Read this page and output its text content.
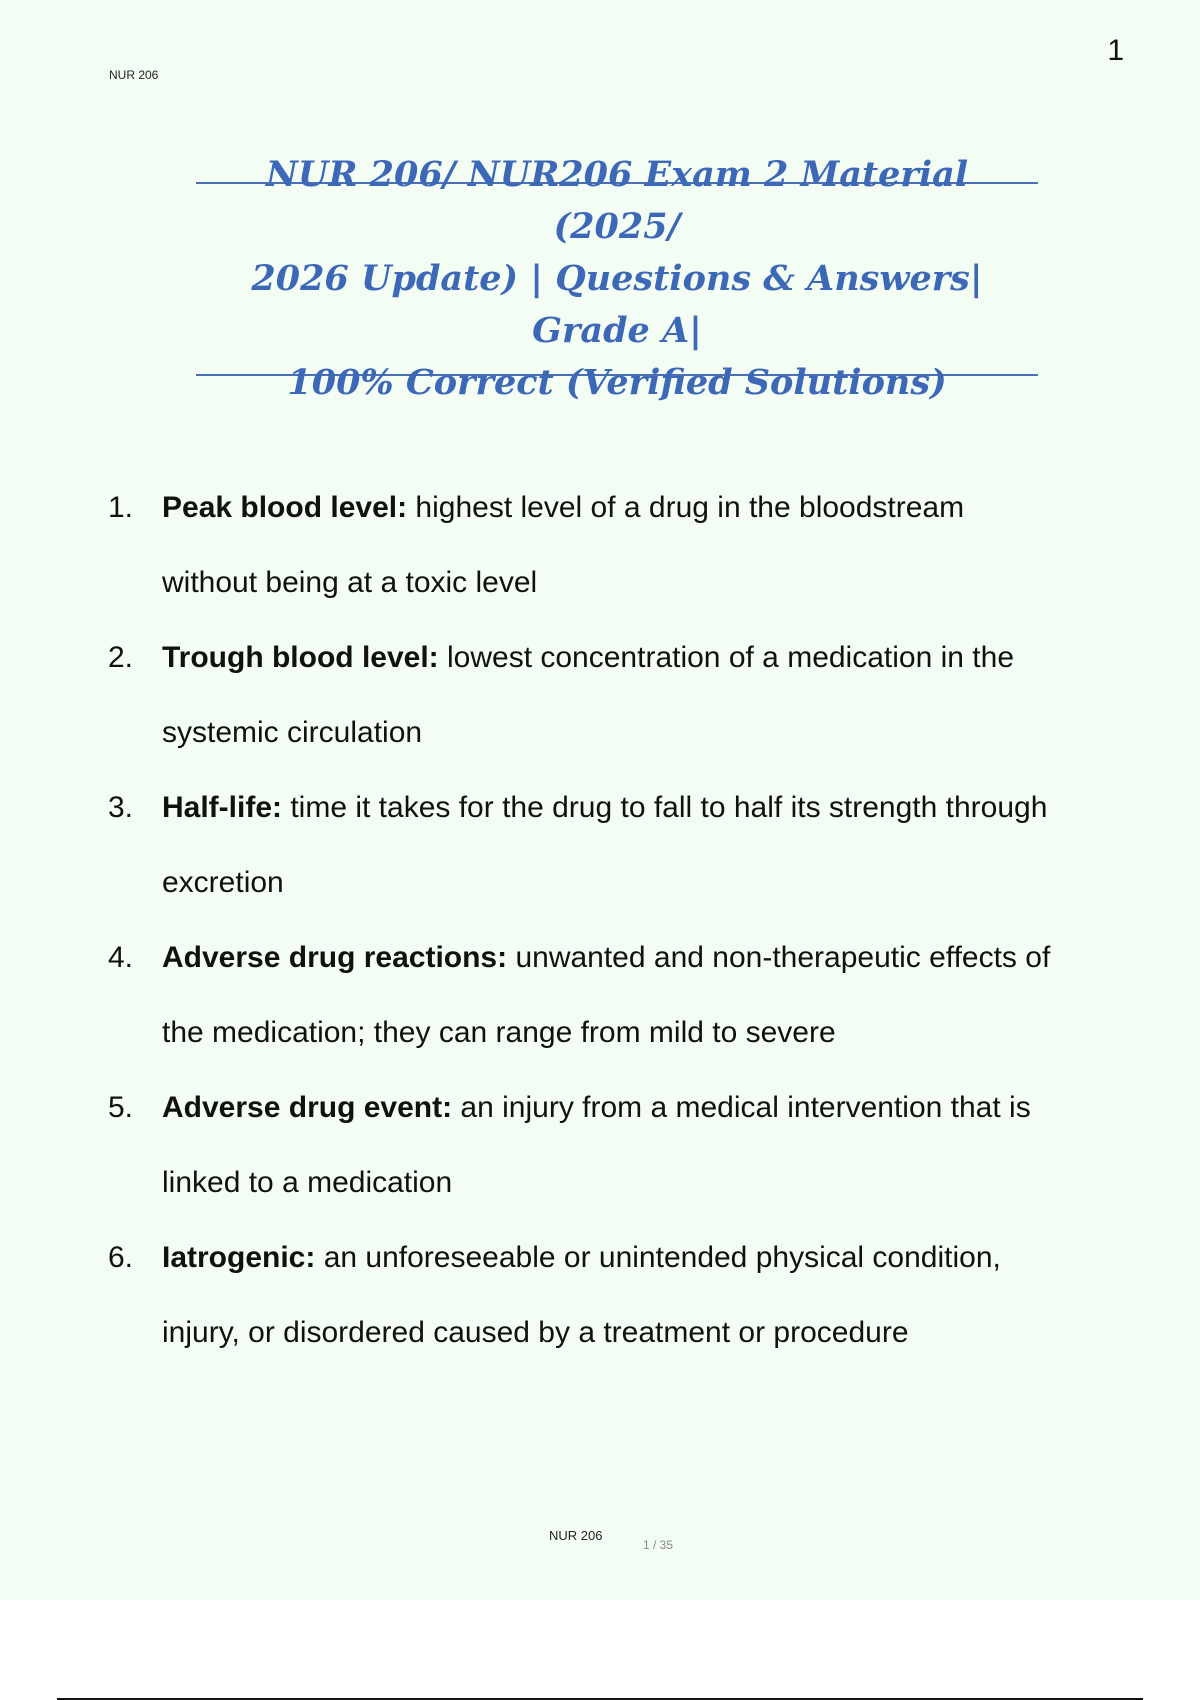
NUR 206
1

NUR 206/ NUR206 Exam 2 Material (2025/
2026 Update) | Questions & Answers| Grade A|
100% Correct (Verified Solutions)

1. Peak blood level: highest level of a drug in the bloodstream
without being at a toxic level
2. Trough blood level: lowest concentration of a medication in the
systemic circulation
3. Half-life: time it takes for the drug to fall to half its strength through
excretion
4. Adverse drug reactions: unwanted and non-therapeutic effects of
the medication; they can range from mild to severe
5. Adverse drug event: an injury from a medical intervention that is
linked to a medication
6. Iatrogenic: an unforeseeable or unintended physical condition,
injury, or disordered caused by a treatment or procedure
NUR 206
1 / 35
